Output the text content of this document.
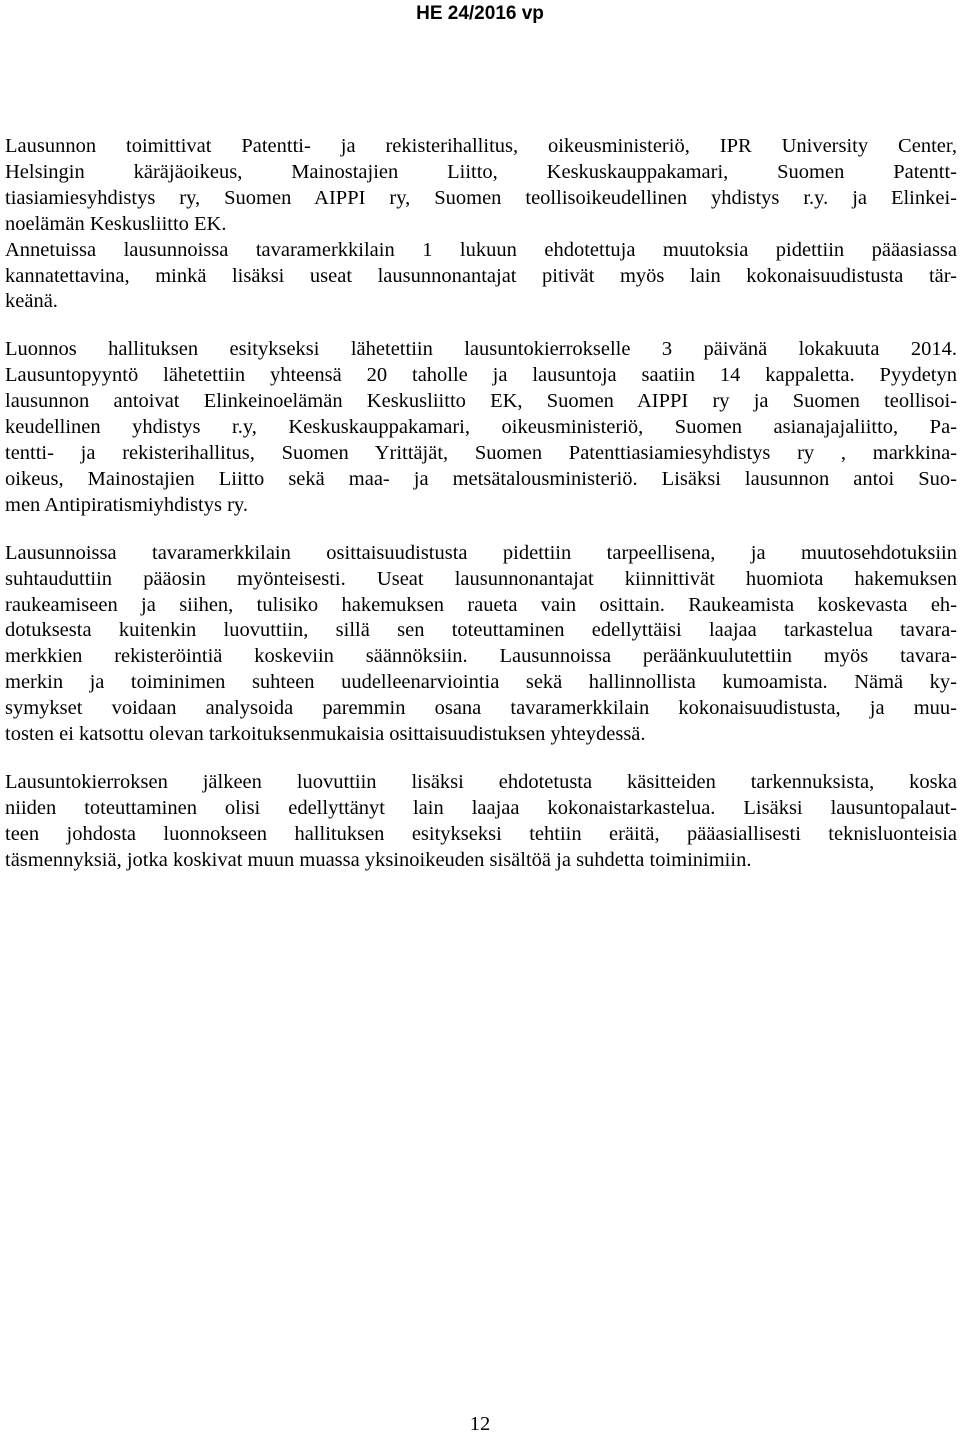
HE 24/2016 vp
Lausunnon toimittivat Patentti- ja rekisterihallitus, oikeusministeriö, IPR University Center,
Helsingin käräjäoikeus, Mainostajien Liitto, Keskuskauppakamari, Suomen Patentt-
tiasiamiesyhdistys ry, Suomen AIPPI ry, Suomen teollisoikeudellinen yhdistys r.y. ja Elinkei-
noelämän Keskusliitto EK.
Annetuissa lausunnoissa tavaramerkkilain 1 lukuun ehdotettuja muutoksia pidettiin pääasiassa
kannatettavina, minkä lisäksi useat lausunnonantajat pitivät myös lain kokonaisuudistusta tär-
keänä.
Luonnos hallituksen esitykseksi lähetettiin lausuntokierrokselle 3 päivänä lokakuuta 2014.
Lausuntopyyntö lähetettiin yhteensä 20 taholle ja lausuntoja saatiin 14 kappaletta. Pyydetyn
lausunnon antoivat Elinkeinoelämän Keskusliitto EK, Suomen AIPPI ry ja Suomen teollisoi-
keudellinen yhdistys r.y, Keskuskauppakamari, oikeusministeriö, Suomen asianajajaliitto, Pa-
tentti- ja rekisterihallitus, Suomen Yrittäjät, Suomen Patenttiasiamiesyhdistys ry , markkina-
oikeus, Mainostajien Liitto sekä maa- ja metsätalousministeriö. Lisäksi lausunnon antoi Suo-
men Antipiratismiyhdistys ry.
Lausunnoissa tavaramerkkilain osittaisuudistusta pidettiin tarpeellisena, ja muutosehdotuksiin
suhtauduttiin pääosin myönteisesti. Useat lausunnonantajat kiinnittivät huomiota hakemuksen
raukeamiseen ja siihen, tulisiko hakemuksen raueta vain osittain. Raukeamista koskevasta eh-
dotuksesta kuitenkin luovuttiin, sillä sen toteuttaminen edellyttäisi laajaa tarkastelua tavara-
merkkien rekisteröintiä koskeviin säännöksiin. Lausunnoissa peräänkuulutettiin myös tavara-
merkin ja toiminimen suhteen uudelleenarviointia sekä hallinnollista kumoamista. Nämä ky-
symykset voidaan analysoida paremmin osana tavaramerkkilain kokonaisuudistusta, ja muu-
tosten ei katsottu olevan tarkoituksenmukaisia osittaisuudistuksen yhteydessä.
Lausuntokierroksen jälkeen luovuttiin lisäksi ehdotetusta käsitteiden tarkennuksista, koska
niiden toteuttaminen olisi edellyttänyt lain laajaa kokonaistarkastelua. Lisäksi lausuntopalaut-
teen johdosta luonnokseen hallituksen esitykseksi tehtiin eräitä, pääasiallisesti teknisluonteisia
täsmennyksiä, jotka koskivat muun muassa yksinoikeuden sisältöä ja suhdetta toiminimiin.

12
